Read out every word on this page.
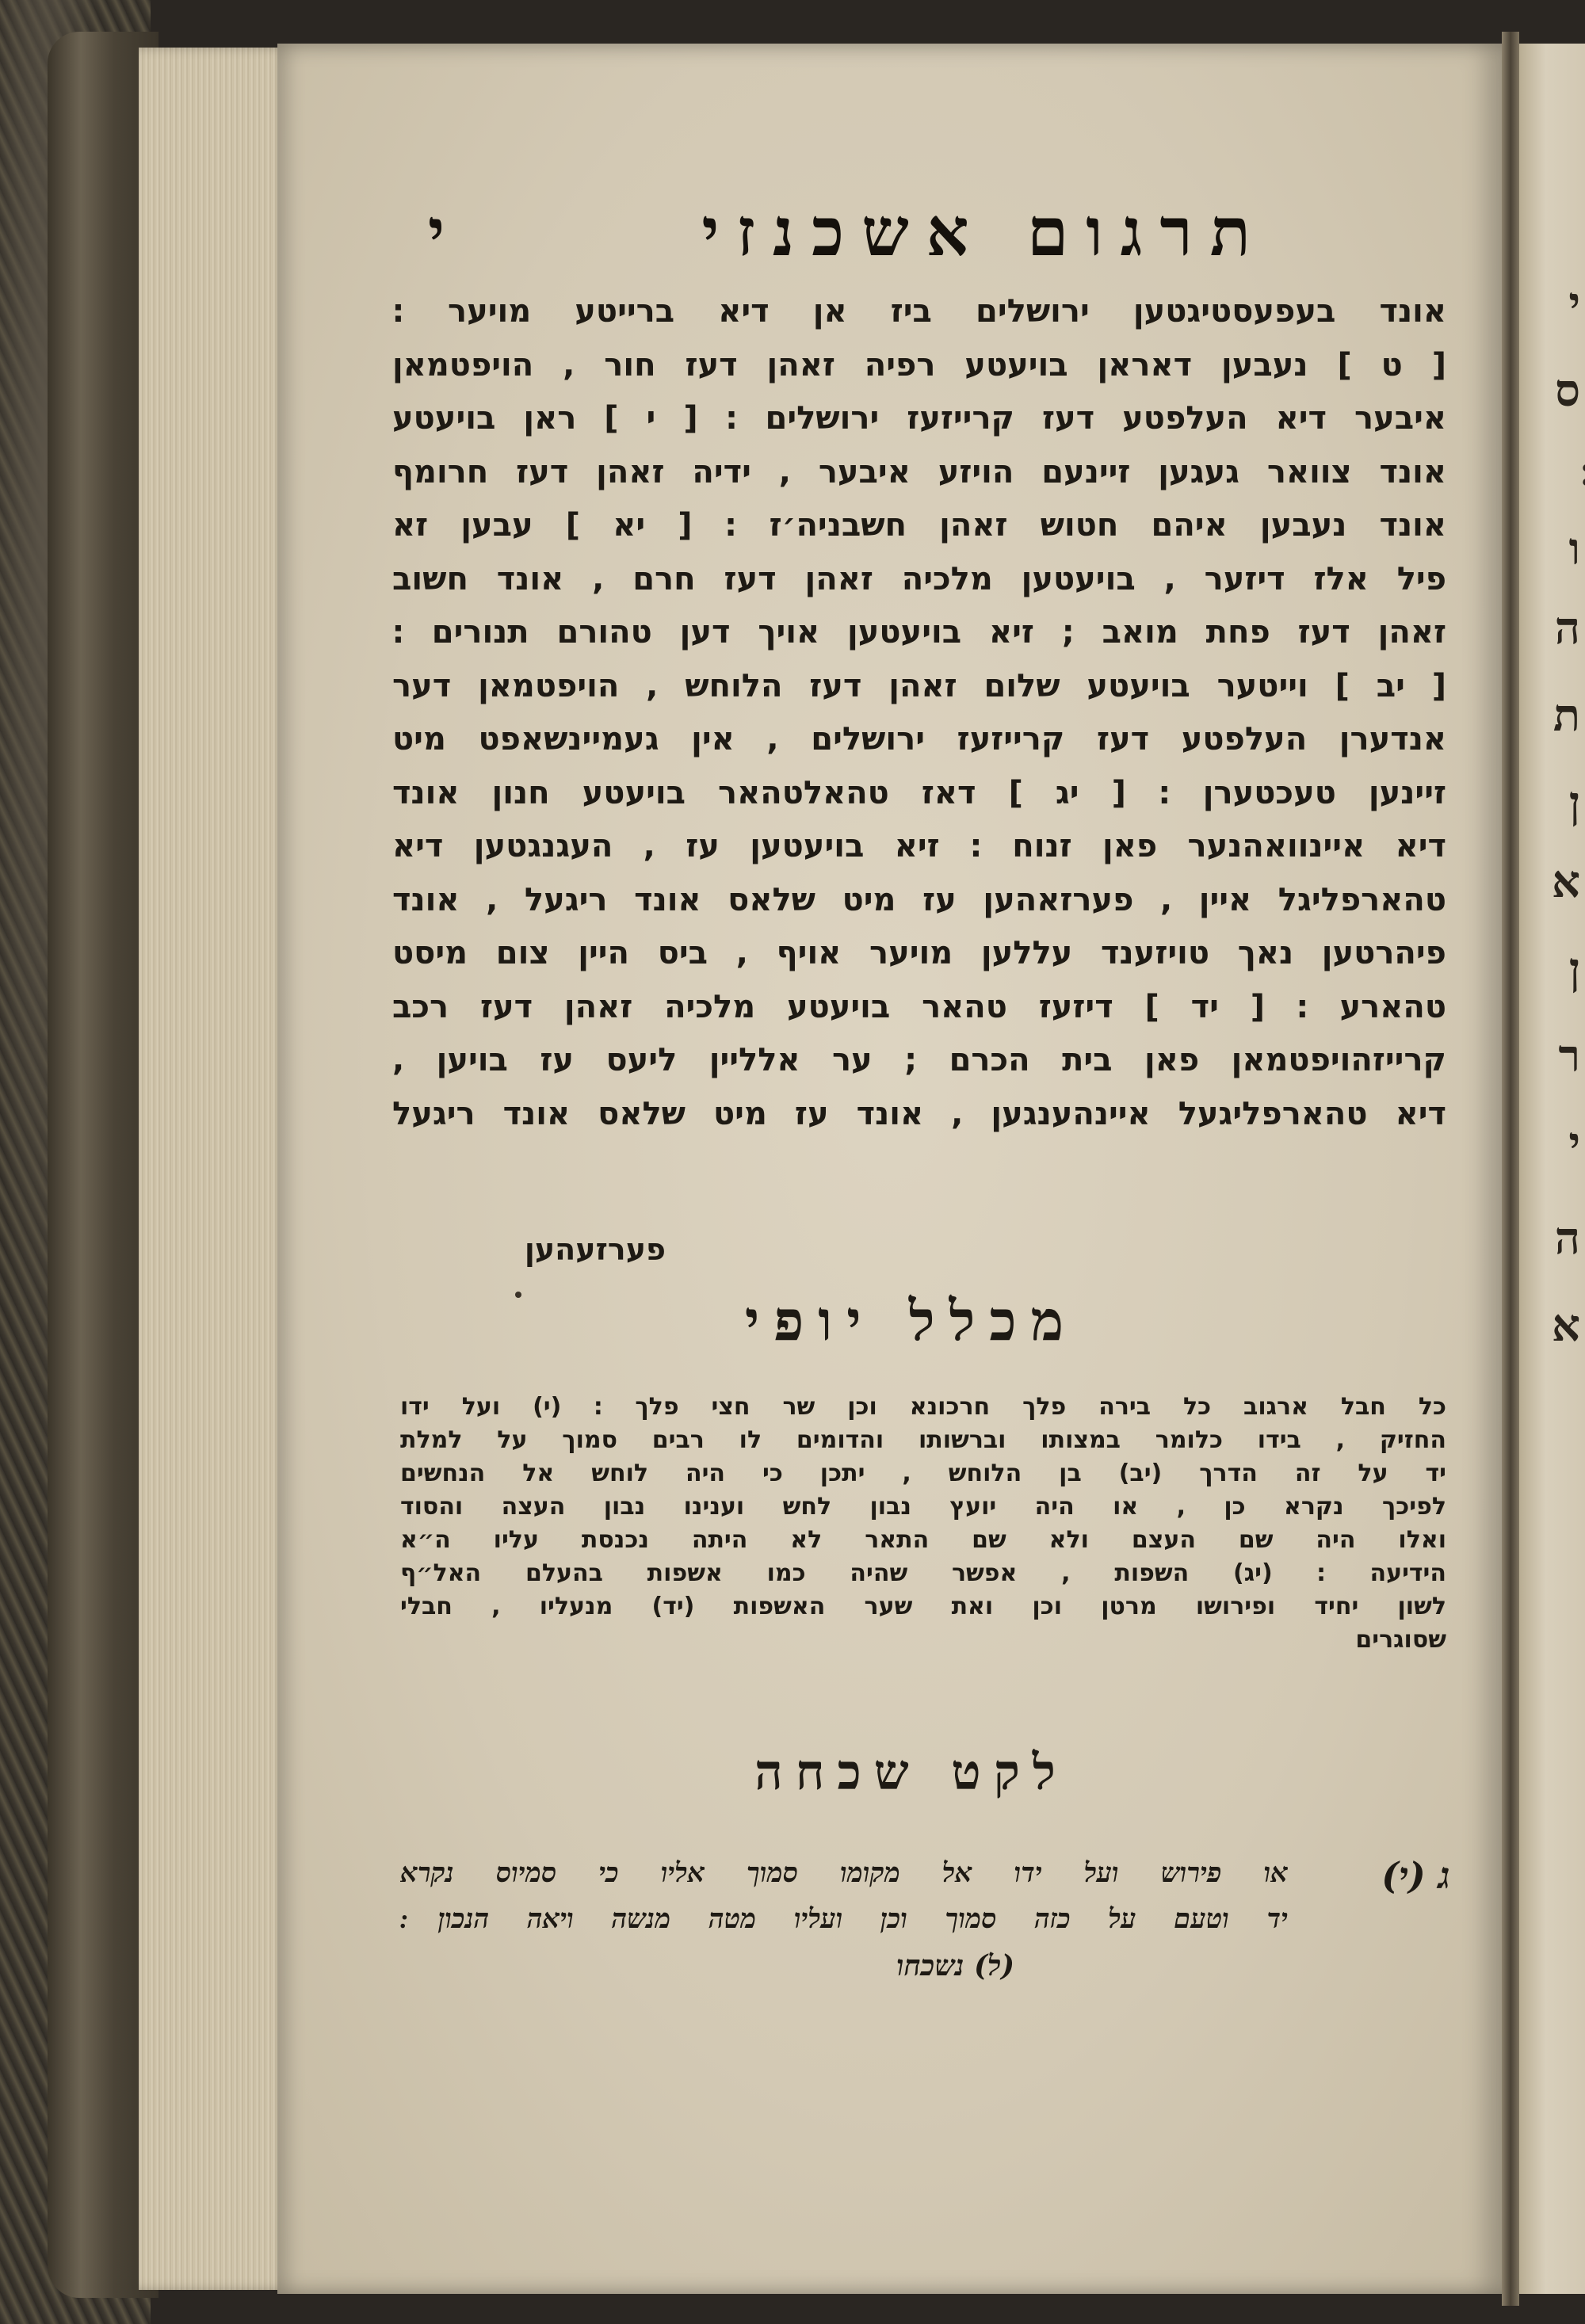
תרגום אשכנזי
י
אונד בעפעסטיגטען ירושלים ביז אן דיא ברייטע מויער ׃
[ ט ] נעבען דאראן בויעטע רפיה זאהן דעז חור , הויפטמאן
איבער דיא העלפטע דעז קרייזעז ירושלים ׃ [ י ] ראן בויעטע
אונד צוואר געגען זיינעם הויזע איבער , ידיה זאהן דעז חרומף
אונד נעבען איהם חטוש זאהן חשבניה׳ז ׃ [ יא ] עבען זא
פיל אלז דיזער , בויעטען מלכיה זאהן דעז חרם , אונד חשוב
זאהן דעז פחת מואב ; זיא בויעטען אויך דען טהורם תנורים ׃
[ יב ] וייטער בויעטע שלום זאהן דעז הלוחש , הויפטמאן דער
אנדערן העלפטע דעז קרייזעז ירושלים , אין געמיינשאפט מיט
זיינען טעכטערן ׃ [ יג ] דאז טהאלטהאר בויעטע חנון אונד
דיא איינוואהנער פאן זנוח ׃ זיא בויעטען עז , העגנגטען דיא
טהארפליגל איין , פערזאהען עז מיט שלאס אונד ריגעל , אונד
פיהרטען נאך טויזענד עללען מויער אויף , ביס היין צום מיסט
טהארע ׃ [ יד ] דיזעז טהאר בויעטע מלכיה זאהן דעז רכב
קרייזהויפטמאן פאן בית הכרם ; ער אלליין ליעס עז בויען ,
דיא טהארפליגעל איינהענגען , אונד עז מיט שלאס אונד ריגעל
פערזעהען
מכלל יופי
כל חבל ארגוב כל בירה פלך חרכונא וכן שר חצי פלך ׃ (י) ועל ידו
החזיק , בידו כלומר במצותו וברשותו והדומים לו רבים סמוך על למלת
יד על זה הדרך (יב) בן הלוחש , יתכן כי היה לוחש אל הנחשים
לפיכך נקרא כן , או היה יועץ נבון לחש וענינו נבון העצה והסוד
ואלו היה שם העצם ולא שם התאר לא היתה נכנסת עליו ה״א
הידיעה ׃ (יג) השפות , אפשר שהיה כמו אשפות בהעלם האל״ף
לשון יחיד ופירושו מרטן וכן ואת שער האשפות (יד) מנעליו , חבלי
שסוגרים
לקט שכחה
ג (י)
או פירוש ועל ידו אל מקומו סמוך אליו כי סמיוס נקרא
יד וטעם על כזה סמוך וכן ועליו מטה מנשה ויאה הנכון ׃
(ל) נשכחו
י
ס
ו
ה
ת
ן
א
ן
ר
י
ה
א
